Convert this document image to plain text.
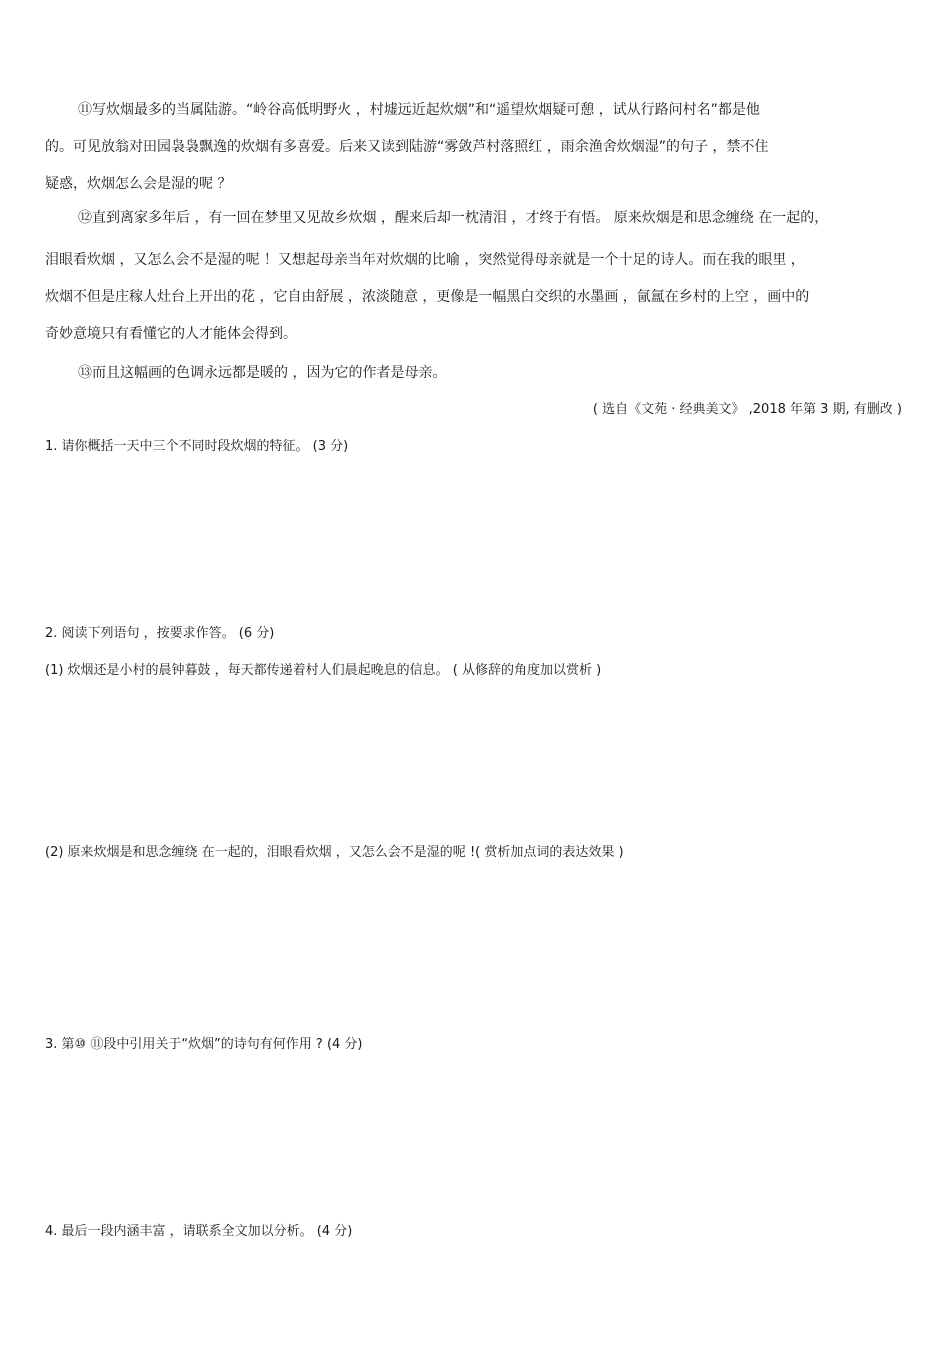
⑪写炊烟最多的当属陆游。“岭谷高低明野火 ，村墟远近起炊烟”和“遥望炊烟疑可憩 ，试从行路问村名”都是他
的。可见放翁对田园袅袅飘逸的炊烟有多喜爱。后来又读到陆游“雾敛芦村落照红 ，雨余渔舍炊烟湿”的句子 ，禁不住
疑惑，炊烟怎么会是湿的呢 ？
⑫直到离家多年后 ，有一回在梦里又见故乡炊烟 ，醒来后却一枕清泪 ，才终于有悟。 原来炊烟是和思念缠绕 在一起的，
泪眼看炊烟 ，又怎么会不是湿的呢 ！又想起母亲当年对炊烟的比喻 ，突然觉得母亲就是一个十足的诗人。而在我的眼里 ，
炊烟不但是庄稼人灶台上开出的花 ，它自由舒展 ，浓淡随意 ，更像是一幅黑白交织的水墨画 ，氤氲在乡村的上空 ，画中的
奇妙意境只有看懂它的人才能体会得到。
⑬而且这幅画的色调永远都是暖的 ，因为它的作者是母亲。
( 选自《文苑 · 经典美文》 ,2018 年第 3 期, 有删改 )
1. 请你概括一天中三个不同时段炊烟的特征。 (3 分)
2. 阅读下列语句 ，按要求作答。 (6 分)
(1) 炊烟还是小村的晨钟暮鼓 ，每天都传递着村人们晨起晚息的信息。 ( 从修辞的角度加以赏析 )
(2) 原来炊烟是和思念缠绕 在一起的，泪眼看炊烟 ，又怎么会不是湿的呢 !( 赏析加点词的表达效果 )
3. 第⑩ ⑪段中引用关于“炊烟”的诗句有何作用 ? (4 分)
4. 最后一段内涵丰富 ，请联系全文加以分析。 (4 分)
